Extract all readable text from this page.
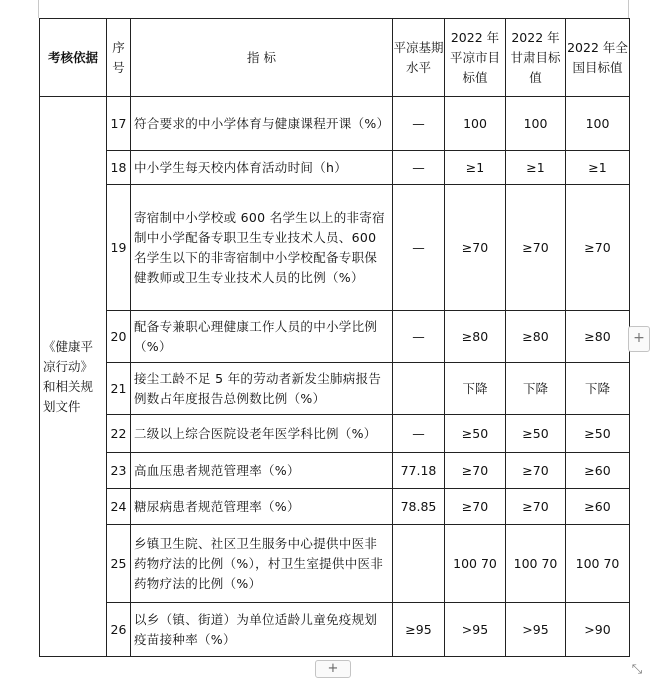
考核依据	序号	指 标	平凉基期水平	2022 年平凉市目标值	2022 年甘肃目标值	2022 年全国目标值
《健康平凉行动》和相关规划文件	17	符合要求的中小学体育与健康课程开课（%）	—	100	100	100
	18	中小学生每天校内体育活动时间（h）	—	≥1	≥1	≥1
	19	寄宿制中小学校或 600 名学生以上的非寄宿制中小学配备专职卫生专业技术人员、600 名学生以下的非寄宿制中小学校配备专职保健教师或卫生专业技术人员的比例（%）	—	≥70	≥70	≥70
	20	配备专兼职心理健康工作人员的中小学比例（%）	—	≥80	≥80	≥80
	21	接尘工龄不足 5 年的劳动者新发尘肺病报告例数占年度报告总例数比例（%）		下降	下降	下降
	22	二级以上综合医院设老年医学科比例（%）	—	≥50	≥50	≥50
	23	高血压患者规范管理率（%）	77.18	≥70	≥70	≥60
	24	糖尿病患者规范管理率（%）	78.85	≥70	≥70	≥60
	25	乡镇卫生院、社区卫生服务中心提供中医非药物疗法的比例（%），村卫生室提供中医非药物疗法的比例（%）		100 70	100 70	100 70
	26	以乡（镇、街道）为单位适龄儿童免疫规划疫苗接种率（%）	≥95	>95	>95	>90
+
+	⤡
